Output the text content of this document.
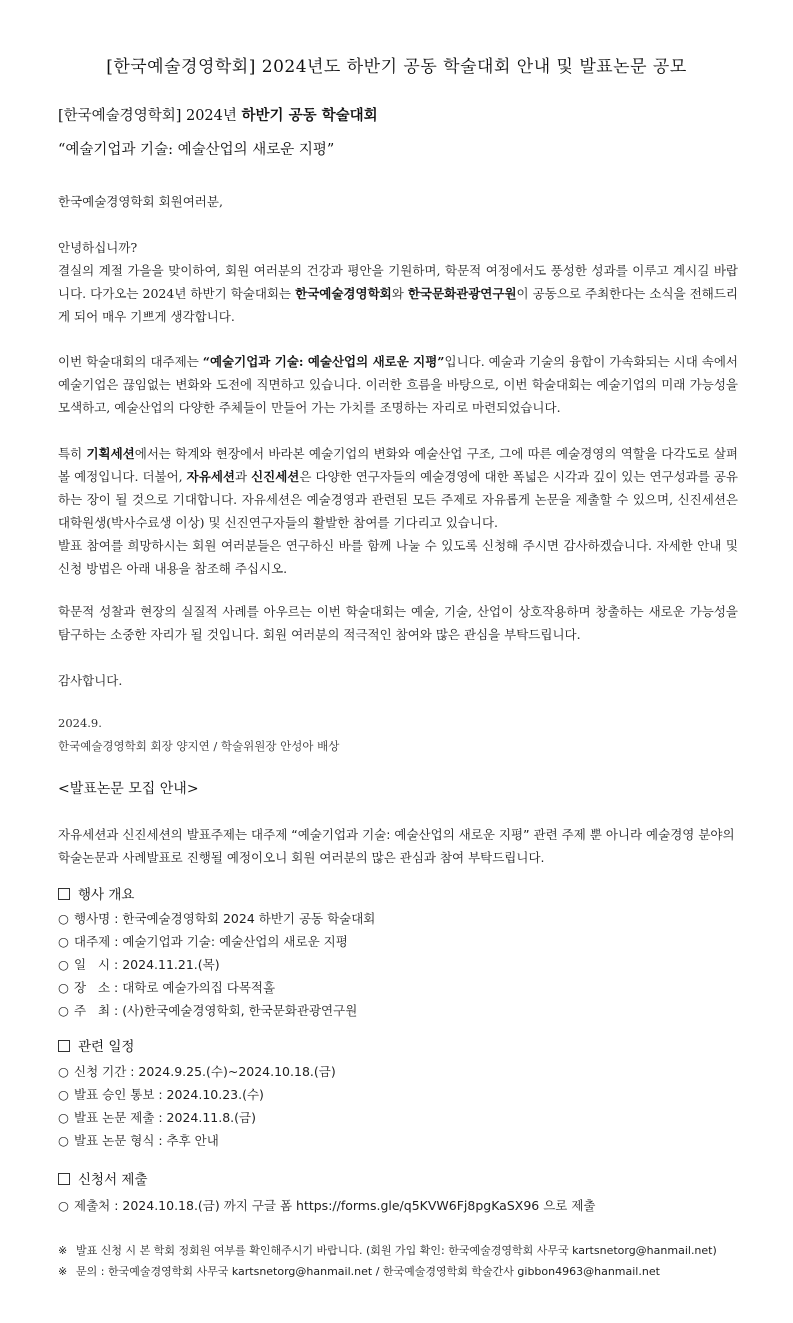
[한국예술경영학회] 2024년도 하반기 공동 학술대회 안내 및 발표논문 공모
[한국예술경영학회] 2024년 하반기 공동 학술대회
“예술기업과 기술: 예술산업의 새로운 지평”
한국예술경영학회 회원여러분,
안녕하십니까?
결실의 계절 가을을 맞이하여, 회원 여러분의 건강과 평안을 기원하며, 학문적 여정에서도 풍성한 성과를 이루고 계시길 바랍니다. 다가오는 2024년 하반기 학술대회는 한국예술경영학회와 한국문화관광연구원이 공동으로 주최한다는 소식을 전해드리게 되어 매우 기쁘게 생각합니다.
이번 학술대회의 대주제는 “예술기업과 기술: 예술산업의 새로운 지평”입니다. 예술과 기술의 융합이 가속화되는 시대 속에서 예술기업은 끊임없는 변화와 도전에 직면하고 있습니다. 이러한 흐름을 바탕으로, 이번 학술대회는 예술기업의 미래 가능성을 모색하고, 예술산업의 다양한 주체들이 만들어 가는 가치를 조명하는 자리로 마련되었습니다.
특히 기획세션에서는 학계와 현장에서 바라본 예술기업의 변화와 예술산업 구조, 그에 따른 예술경영의 역할을 다각도로 살펴볼 예정입니다. 더불어, 자유세션과 신진세션은 다양한 연구자들의 예술경영에 대한 폭넓은 시각과 깊이 있는 연구성과를 공유하는 장이 될 것으로 기대합니다. 자유세션은 예술경영과 관련된 모든 주제로 자유롭게 논문을 제출할 수 있으며, 신진세션은 대학원생(박사수료생 이상) 및 신진연구자들의 활발한 참여를 기다리고 있습니다.
발표 참여를 희망하시는 회원 여러분들은 연구하신 바를 함께 나눌 수 있도록 신청해 주시면 감사하겠습니다. 자세한 안내 및 신청 방법은 아래 내용을 참조해 주십시오.
학문적 성찰과 현장의 실질적 사례를 아우르는 이번 학술대회는 예술, 기술, 산업이 상호작용하며 창출하는 새로운 가능성을 탐구하는 소중한 자리가 될 것입니다. 회원 여러분의 적극적인 참여와 많은 관심을 부탁드립니다.
감사합니다.
2024.9.
한국예술경영학회 회장 양지연 / 학술위원장 안성아 배상
<발표논문 모집 안내>
자유세션과 신진세션의 발표주제는 대주제 “예술기업과 기술: 예술산업의 새로운 지평” 관련 주제 뿐 아니라 예술경영 분야의 학술논문과 사례발표로 진행될 예정이오니 회원 여러분의 많은 관심과 참여 부탁드립니다.
행사 개요
○ 행사명 : 한국예술경영학회 2024 하반기 공동 학술대회
○ 대주제 : 예술기업과 기술: 예술산업의 새로운 지평
○ 일   시 : 2024.11.21.(목)
○ 장   소 : 대학로 예술가의집 다목적홀
○ 주   최 : (사)한국예술경영학회, 한국문화관광연구원
관련 일정
○ 신청 기간 : 2024.9.25.(수)~2024.10.18.(금)
○ 발표 승인 통보 : 2024.10.23.(수)
○ 발표 논문 제출 : 2024.11.8.(금)
○ 발표 논문 형식 : 추후 안내
신청서 제출
○ 제출처 : 2024.10.18.(금) 까지 구글 폼 https://forms.gle/q5KVW6Fj8pgKaSX96 으로 제출
※ 발표 신청 시 본 학회 정회원 여부를 확인해주시기 바랍니다. (회원 가입 확인: 한국예술경영학회 사무국 kartsnetorg@hanmail.net)
※ 문의 : 한국예술경영학회 사무국 kartsnetorg@hanmail.net / 한국예술경영학회 학술간사 gibbon4963@hanmail.net
